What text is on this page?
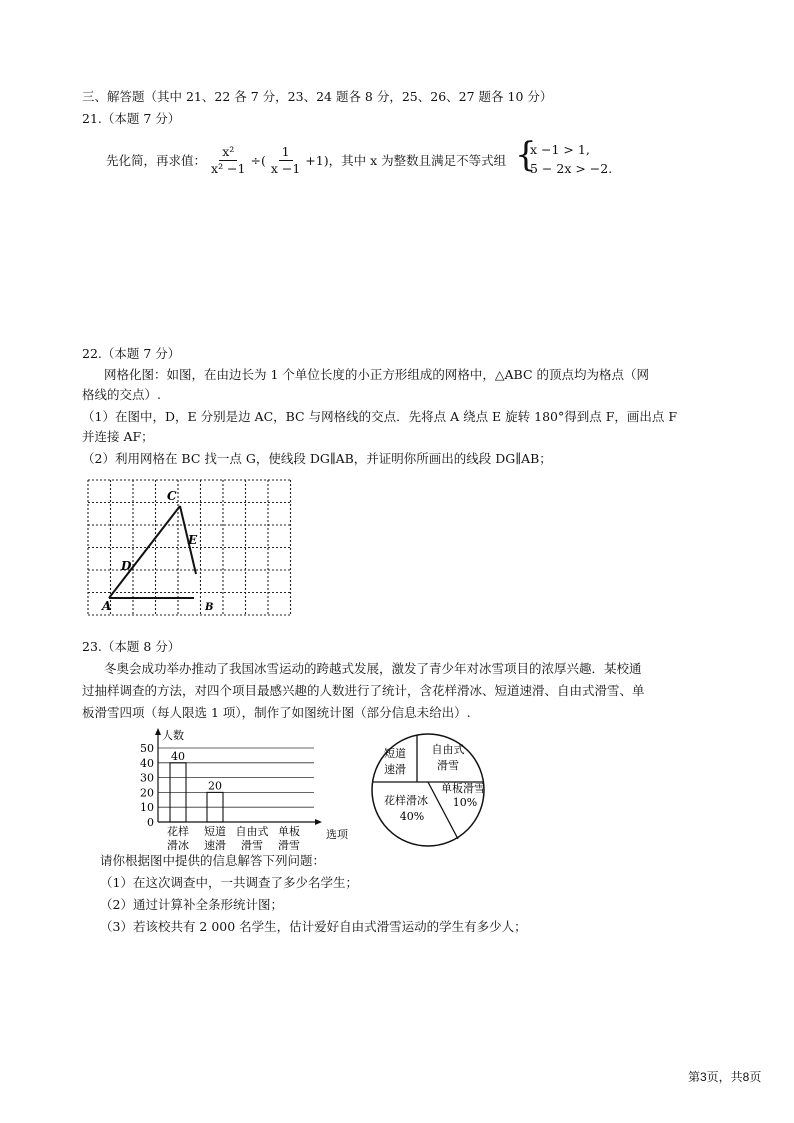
三、解答题（其中 21、22 各 7 分，23、24 题各 8 分，25、26、27 题各 10 分）
21.（本题 7 分）
先化简，再求值： $\frac{\text{x²}}{\text{x² −1}}$ ÷( $\frac{1}{x -1} +1$) ，其中 x 为整数且满足不等式组 {
x −1 > 1,
5 − 2x > −2.
22.（本题 7 分）
网格化图：如图，在由边长为 1 个单位长度的小正方形组成的网格中，△ABC 的顶点均为格点（网
格线的交点）.
（1）在图中，D，E 分别是边 AC，BC 与网格线的交点．先将点 A 绕点 E 旋转 180°得到点 F，画出点 F
并连接 AF；
（2）利用网格在 BC 找一点 G，使线段 DG∥AB，并证明你所画出的线段 DG∥AB；
A
C
D
E
B
23.（本题 8 分）
冬奥会成功举办推动了我国冰雪运动的跨越式发展，激发了青少年对冰雪项目的浓厚兴趣．某校通
过抽样调查的方法，对四个项目最感兴趣的人数进行了统计，含花样滑冰、短道速滑、自由式滑雪、单
板滑雪四项（每人限选 1 项），制作了如图统计图（部分信息未给出）.
人数
选项
0
10
20
30
40
50
40
20
花样
滑冰
短道
速滑
自由式
滑雪
单板
滑雪
花样滑冰
40%
单板滑雪
10%
自由式
滑雪
短道
速滑
请你根据图中提供的信息解答下列问题：
（1）在这次调查中，一共调查了多少名学生；
（2）通过计算补全条形统计图；
（3）若该校共有 2 000 名学生，估计爱好自由式滑雪运动的学生有多少人；
第3页，共8页
